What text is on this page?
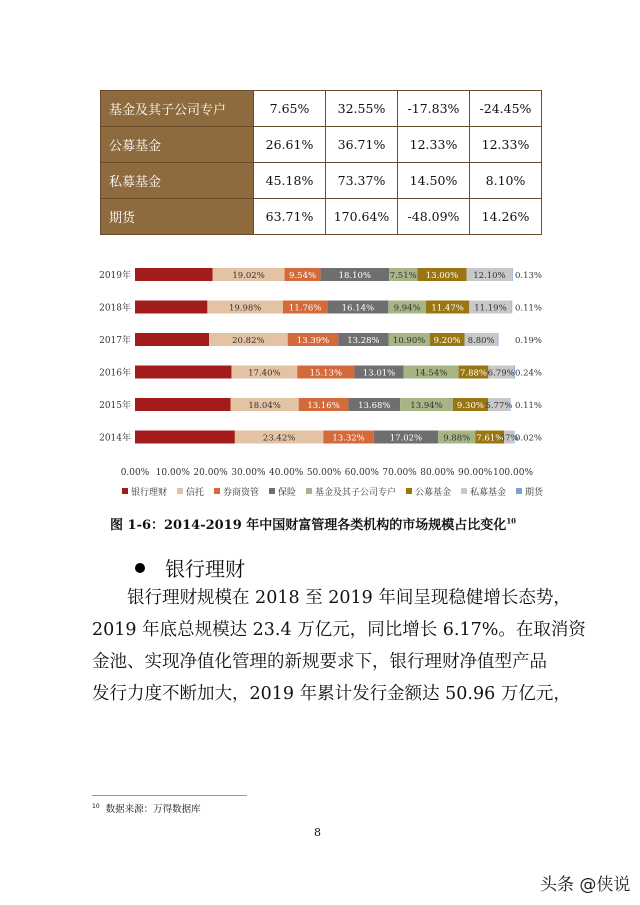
基金及其子公司专户	7.65%	32.55%	-17.83%	-24.45%
公募基金	26.61%	36.71%	12.33%	12.33%
私募基金	45.18%	73.37%	14.50%	8.10%
期货	63.71%	170.64%	-48.09%	14.26%
2019年	19.02%	9.54%	18.10% 7.51% 13.00% 12.10% 0.13%
2018年	19.98%	11.76% 16.14% 9.94% 11.47% 11.19% 0.11%
2017年	20.82%	13.39% 13.28% 10.90% 9.20% 8.80% 0.19%
2016年	17.40%	15.13% 13.01% 14.54% 7.88% 6.79% 0.24%
2015年	18.04%	13.16% 13.68% 13.94% 9.30% 5.77% 0.11%
2014年	23.42%	13.32%	17.02% 9.88% 7.61%
57%
0.02%
0.00% 10.00% 20.00% 30.00% 40.00% 50.00% 60.00% 70.00% 80.00% 90.00% 100.00%
银行理财 信托 券商资管 保险 基金及其子公司专户 公募基金 私募基金 期货
图 1-6：2014-2019 年中国财富管理各类机构的市场规模占比变化$^{10}$
银行理财
银行理财规模在 2018 至 2019 年间呈现稳健增长态势，
2019 年底总规模达 23.4 万亿元，同比增长 6.17%。在取消资
金池、实现净值化管理的新规要求下，银行理财净值型产品
发行力度不断加大，2019 年累计发行金额达 50.96 万亿元，
$^{10}$ 数据来源：万得数据库
8
头条 @侠说
